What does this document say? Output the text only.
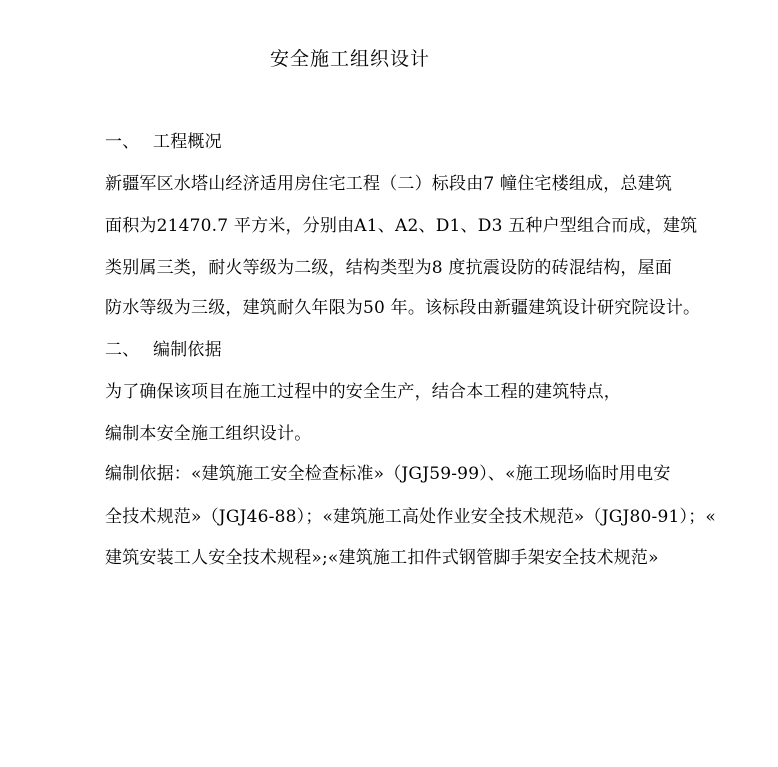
安全施工组织设计
一、 工程概况
新疆军区水塔山经济适用房住宅工程（二）标段由7 幢住宅楼组成，总建筑
面积为21470.7 平方米，分别由A1、A2、D1、D3 五种户型组合而成，建筑
类别属三类，耐火等级为二级，结构类型为8 度抗震设防的砖混结构，屋面
防水等级为三级，建筑耐久年限为50 年。该标段由新疆建筑设计研究院设计。
二、 编制依据
为了确保该项目在施工过程中的安全生产，结合本工程的建筑特点，
编制本安全施工组织设计。
编制依据：«建筑施工安全检查标准»（JGJ59-99）、«施工现场临时用电安
全技术规范»（JGJ46-88）；«建筑施工高处作业安全技术规范»（JGJ80-91）；«
建筑安装工人安全技术规程»;«建筑施工扣件式钢管脚手架安全技术规范»
